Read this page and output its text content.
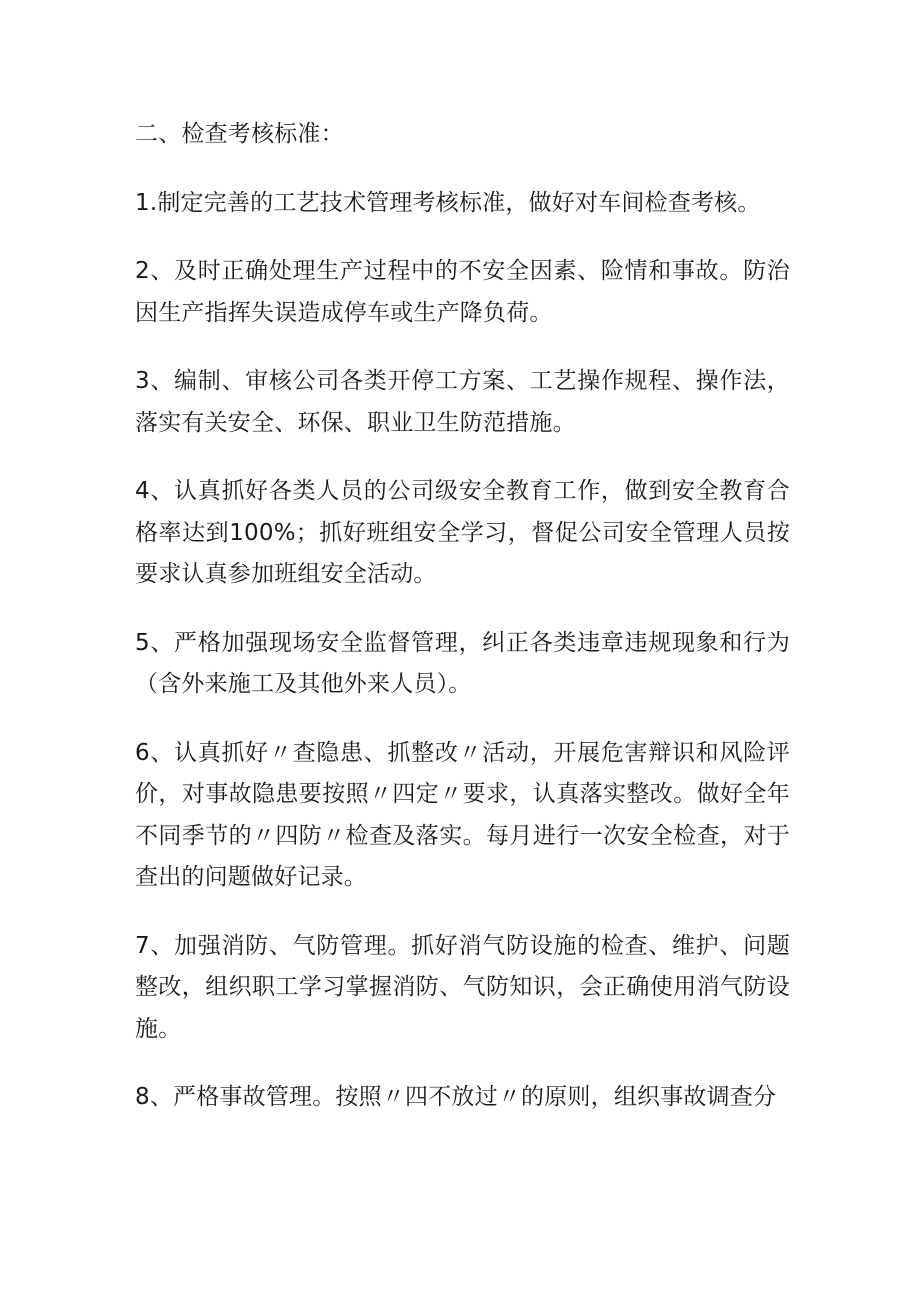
二、检查考核标准：

1.制定完善的工艺技术管理考核标准，做好对车间检查考核。

2、及时正确处理生产过程中的不安全因素、险情和事故。防治因生产指挥失误造成停车或生产降负荷。

3、编制、审核公司各类开停工方案、工艺操作规程、操作法，落实有关安全、环保、职业卫生防范措施。

4、认真抓好各类人员的公司级安全教育工作，做到安全教育合格率达到100%；抓好班组安全学习，督促公司安全管理人员按要求认真参加班组安全活动。

5、严格加强现场安全监督管理，纠正各类违章违规现象和行为（含外来施工及其他外来人员）。

6、认真抓好〃查隐患、抓整改〃活动，开展危害辩识和风险评价，对事故隐患要按照〃四定〃要求，认真落实整改。做好全年不同季节的〃四防〃检查及落实。每月进行一次安全检查，对于查出的问题做好记录。

7、加强消防、气防管理。抓好消气防设施的检查、维护、问题整改，组织职工学习掌握消防、气防知识，会正确使用消气防设施。

8、严格事故管理。按照〃四不放过〃的原则，组织事故调查分
